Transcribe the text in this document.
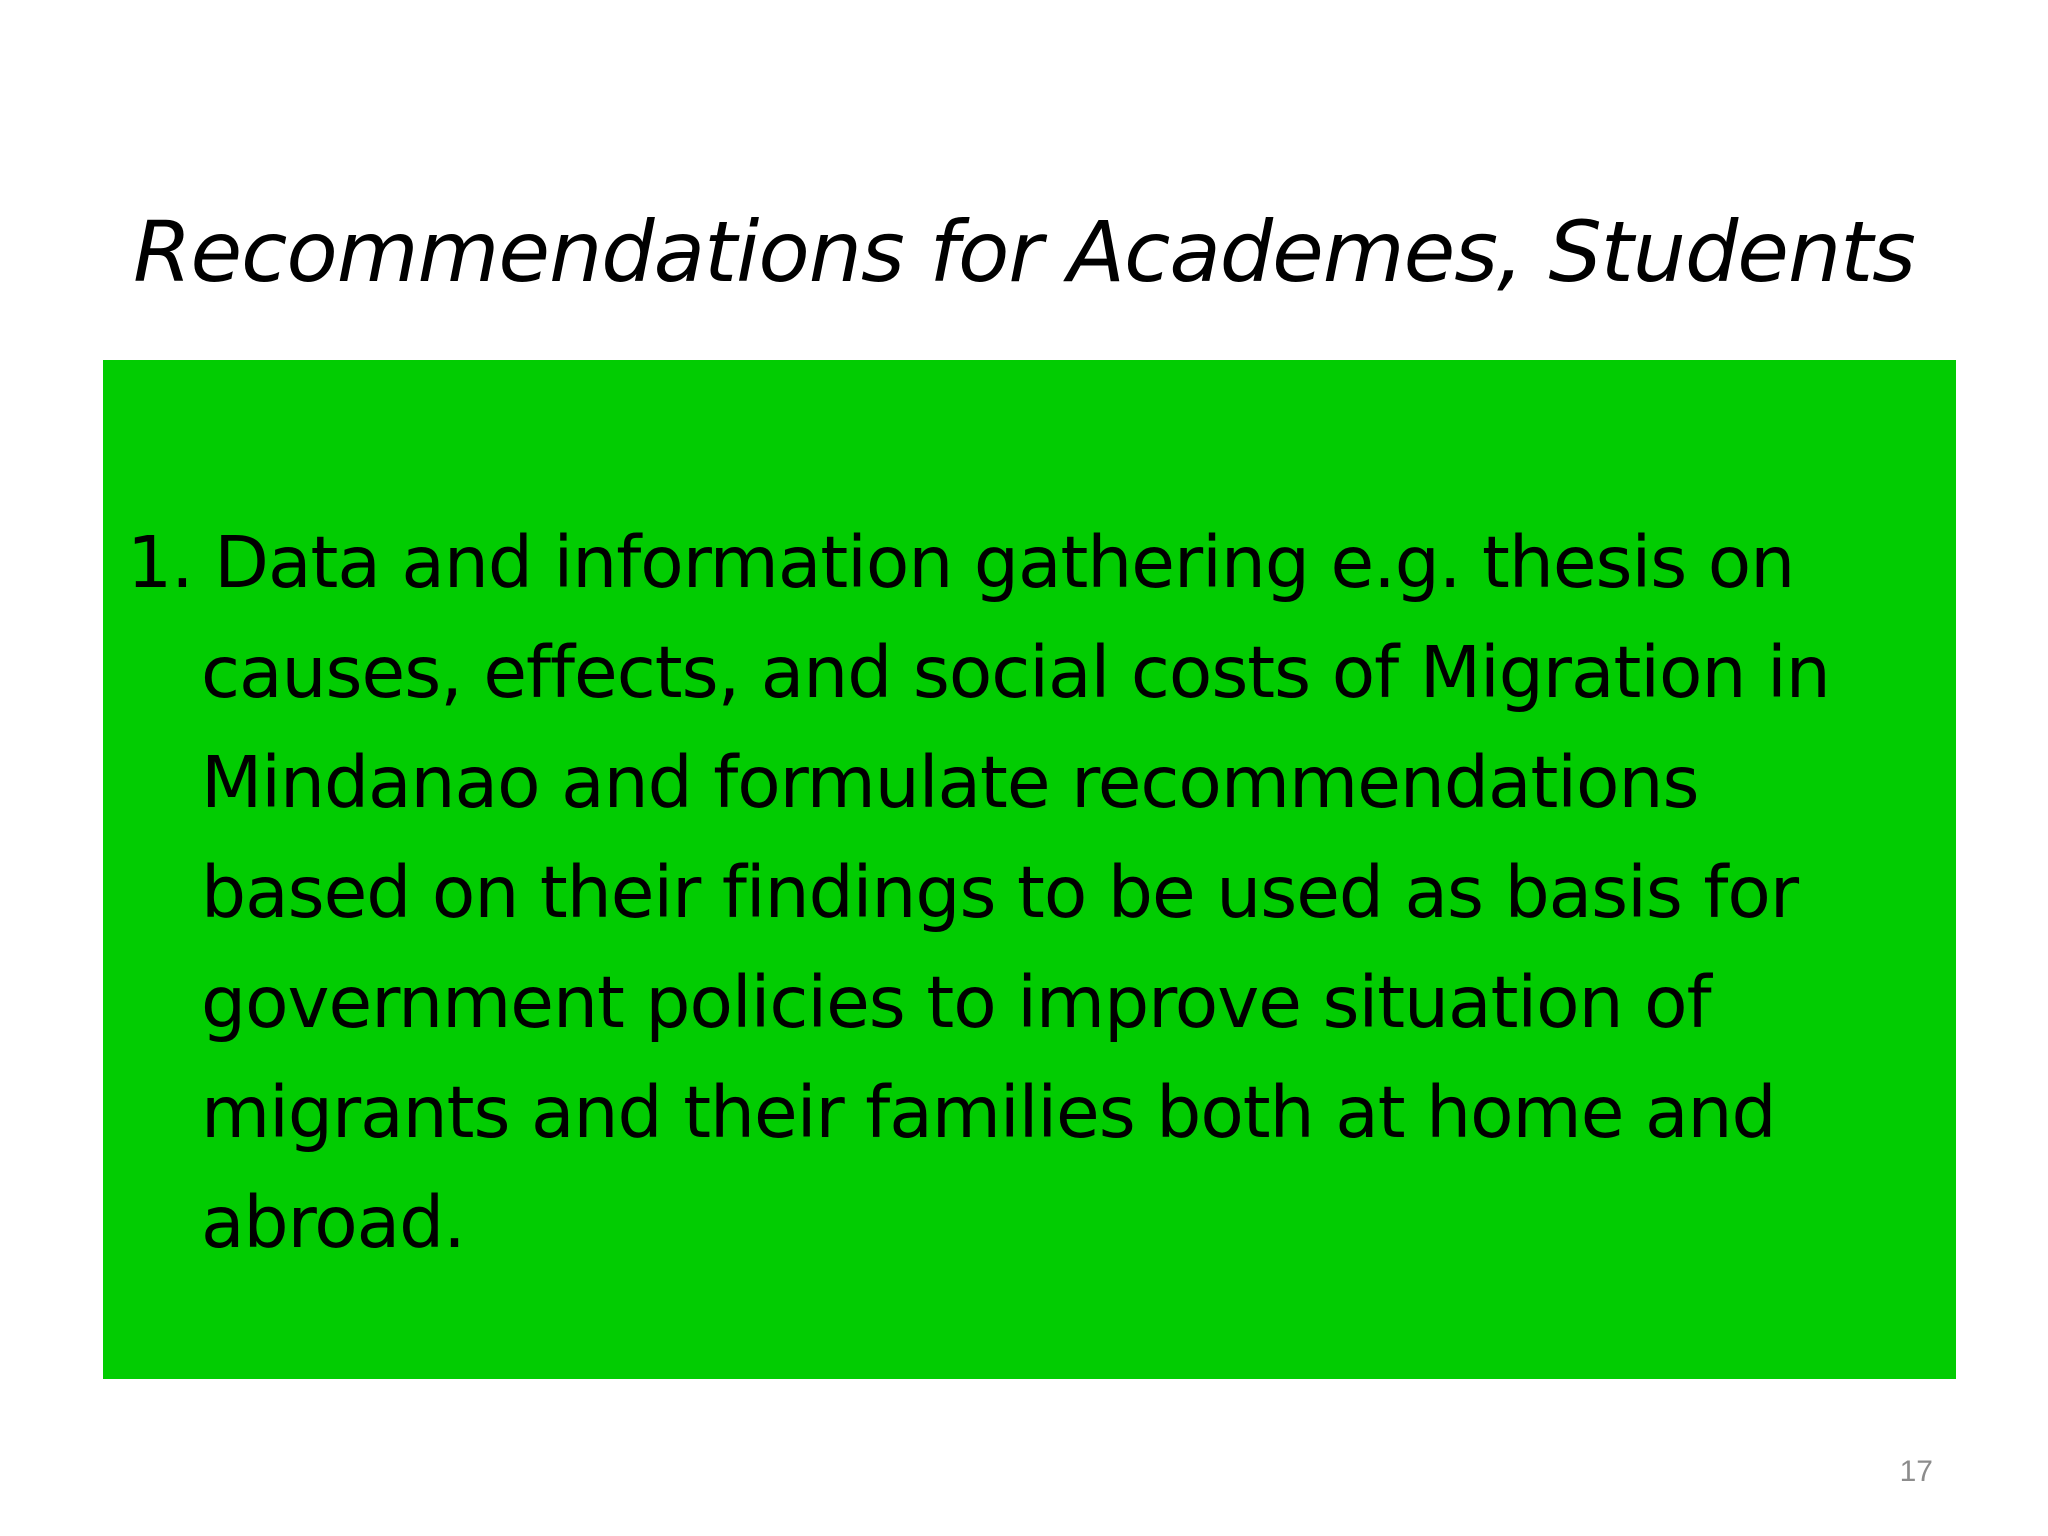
Recommendations for Academes, Students
1. Data and information gathering e.g. thesis on
causes, effects, and social costs of Migration in
Mindanao and formulate recommendations
based on their findings to be used as basis for
government policies to improve situation of
migrants and their families both at home and
abroad.
17
